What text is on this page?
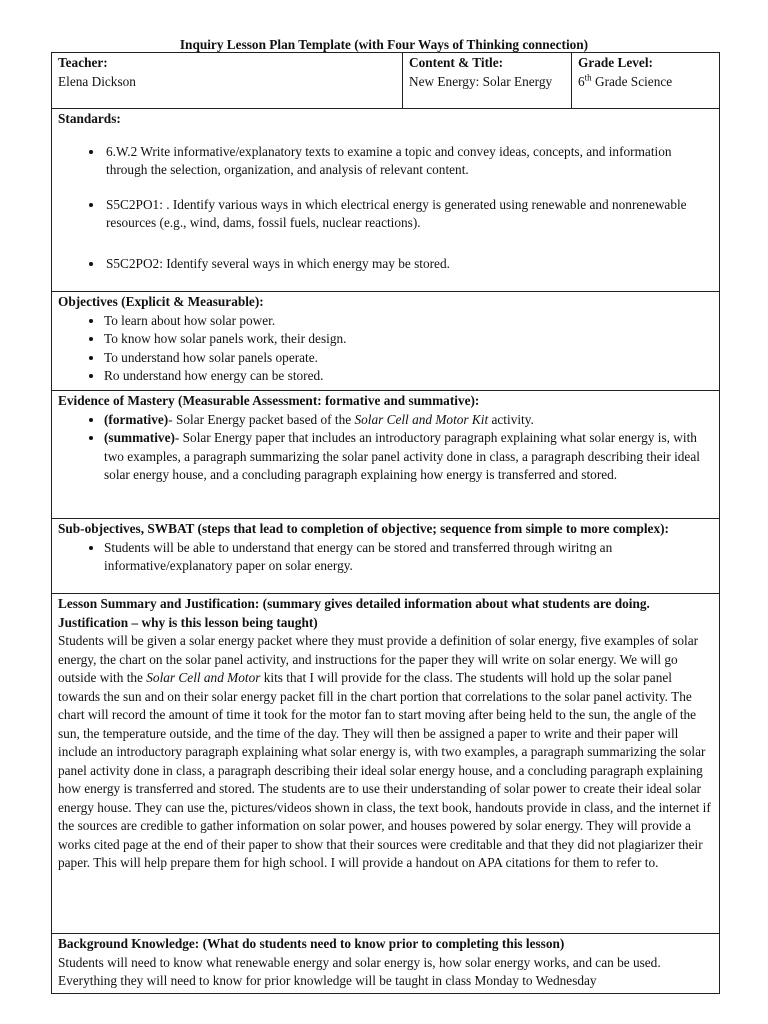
Inquiry Lesson Plan Template (with Four Ways of Thinking connection)
Teacher:
Elena Dickson

Content & Title:
New Energy: Solar Energy

Grade Level:
6th Grade Science

Standards:
• 6.W.2 Write informative/explanatory texts to examine a topic and convey ideas, concepts, and information through the selection, organization, and analysis of relevant content.
• S5C2PO1: . Identify various ways in which electrical energy is generated using renewable and nonrenewable resources (e.g., wind, dams, fossil fuels, nuclear reactions).
• S5C2PO2: Identify several ways in which energy may be stored.

Objectives (Explicit & Measurable):
• To learn about how solar power.
• To know how solar panels work, their design.
• To understand how solar panels operate.
• Ro understand how energy can be stored.

Evidence of Mastery (Measurable Assessment: formative and summative):
• (formative)- Solar Energy packet based of the Solar Cell and Motor Kit activity.
• (summative)- Solar Energy paper that includes an introductory paragraph explaining what solar energy is, with two examples, a paragraph summarizing the solar panel activity done in class, a paragraph describing their ideal solar energy house, and a concluding paragraph explaining how energy is transferred and stored.

Sub-objectives, SWBAT (steps that lead to completion of objective; sequence from simple to more complex):
• Students will be able to understand that energy can be stored and transferred through wiritng an informative/explanatory paper on solar energy.

Lesson Summary and Justification: (summary gives detailed information about what students are doing. Justification – why is this lesson being taught)

Students will be given a solar energy packet where they must provide a definition of solar energy, five examples of solar energy, the chart on the solar panel activity, and instructions for the paper they will write on solar energy. We will go outside with the Solar Cell and Motor kits that I will provide for the class. The students will hold up the solar panel towards the sun and on their solar energy packet fill in the chart portion that correlations to the solar panel activity. The chart will record the amount of time it took for the motor fan to start moving after being held to the sun, the angle of the sun, the temperature outside, and the time of the day. They will then be assigned a paper to write and their paper will include an introductory paragraph explaining what solar energy is, with two examples, a paragraph summarizing the solar panel activity done in class, a paragraph describing their ideal solar energy house, and a concluding paragraph explaining how energy is transferred and stored. The students are to use their understanding of solar power to create their ideal solar energy house. They can use the, pictures/videos shown in class, the text book, handouts provide in class, and the internet if the sources are credible to gather information on solar power, and houses powered by solar energy. They will provide a works cited page at the end of their paper to show that their sources were creditable and that they did not plagiarizer their paper. This will help prepare them for high school. I will provide a handout on APA citations for them to refer to.

Background Knowledge: (What do students need to know prior to completing this lesson)

Students will need to know what renewable energy and solar energy is, how solar energy works, and can be used. Everything they will need to know for prior knowledge will be taught in class Monday to Wednesday
